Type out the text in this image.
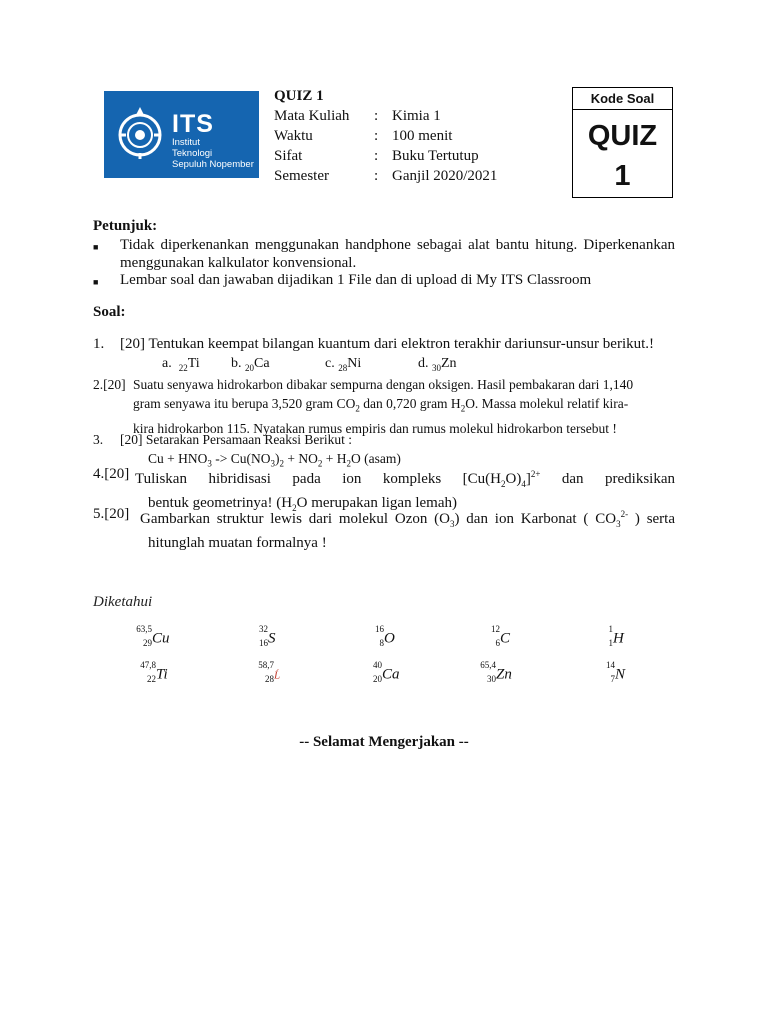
ITS
Institut
Teknologi
Sepuluh Nopember
QUIZ 1
Mata Kuliah : Kimia 1
Waktu	: 100 menit
Sifat	: Buku Tertutup
Semester	: Ganjil 2020/2021
Kode Soal
QUIZ
1
Petunjuk:
■ Tidak diperkenankan menggunakan handphone sebagai alat bantu hitung. Diperkenankan menggunakan kalkulator konvensional.
■ Lembar soal dan jawaban dijadikan 1 File dan di upload di My ITS Classroom
Soal:
1.	[20] Tentukan keempat bilangan kuantum dari elektron terakhir dariunsur-unsur berikut.!
a. $_{22}$Ti b. $_{20}$Ca	c. $_{28}$Ni	d. $_{30}$Zn
2.[20] Suatu senyawa hidrokarbon dibakar sempurna dengan oksigen. Hasil pembakaran dari 1,140
gram senyawa itu berupa 3,520 gram $CO_2$ dan 0,720 gram $H_2O$. Massa molekul relatif kira-
kira hidrokarbon 115. Nyatakan rumus empiris dan rumus molekul hidrokarbon tersebut !
3.	[20] Setarakan Persamaan Reaksi Berikut :
$Cu + HNO_3 -> Cu(NO_3)_2 + NO_2 + H_2O$ (asam)
4.[20] Tuliskan hibridisasi pada ion kompleks $[Cu(H_2O)_4]^{2+}$ dan prediksikan
bentuk geometrinya! ($H_2O$ merupakan ligan lemah)
5.[20] Gambarkan struktur lewis dari molekul Ozon $(O_3)$ dan ion Karbonat ( $CO_3^{2-}$ ) serta
hitunglah muatan formalnya !
Diketahui
63,5
29 Cu
32
16 S
16
8 O
12
6 C
1
1 H
47,8
22 Ti
58,7
28 Ĺ
40
20 Ca
65,4
30 Zn
14
7 N
-- Selamat Mengerjakan --
